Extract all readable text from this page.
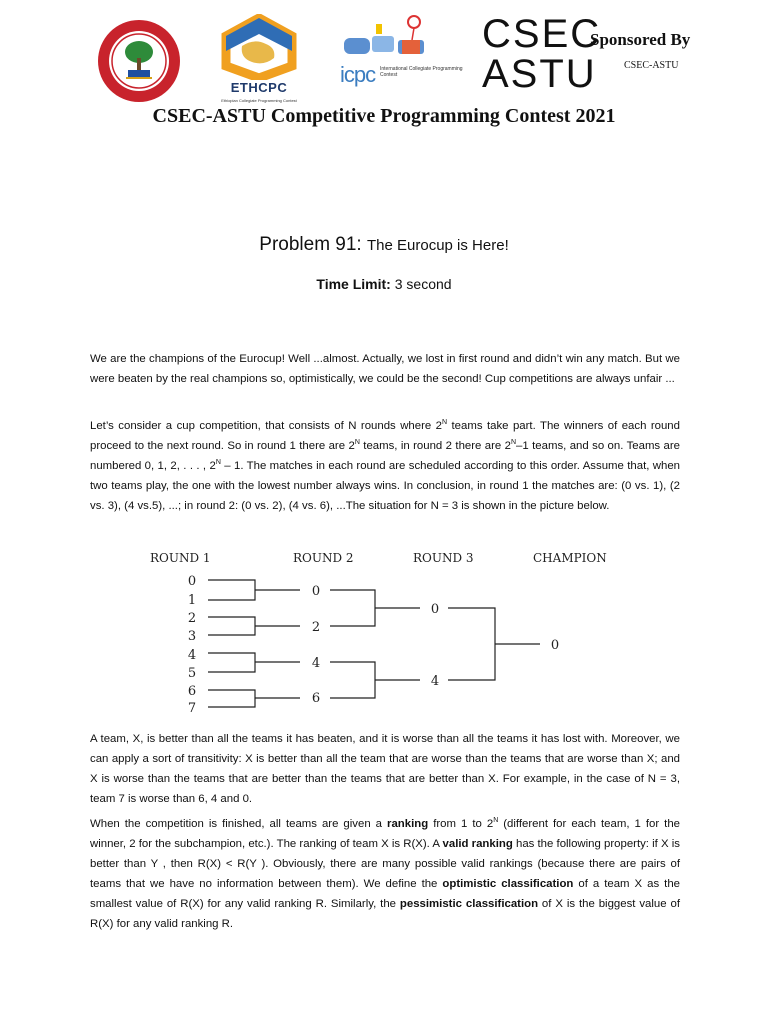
ETHCPC
Ethiopian Collegiate Programming Contest
icpc International Collegiate Programming Contest
CSEC
ASTU
Sponsored By
CSEC-ASTU
CSEC-ASTU Competitive Programming Contest 2021
Problem 91: The Eurocup is Here!
Time Limit: 3 second
We are the champions of the Eurocup! Well ...almost. Actually, we lost in first round and didn’t win any match. But we were beaten by the real champions so, optimistically, we could be the second! Cup competitions are always unfair ...
Let’s consider a cup competition, that consists of N rounds where $2^N$ teams take part. The winners of each round proceed to the next round. So in round 1 there are $2^N$ teams, in round 2 there are $2^N-1$ teams, and so on. Teams are numbered 0, 1, 2, . . . , $2^N - 1$. The matches in each round are scheduled according to this order. Assume that, when two teams play, the one with the lowest number always wins. In conclusion, in round 1 the matches are: (0 vs. 1), (2 vs. 3), (4 vs.5), ...; in round 2: (0 vs. 2), (4 vs. 6), ...The situation for N = 3 is shown in the picture below.
ROUND 1	ROUND 2	ROUND 3	CHAMPION
0
1
2
3
4
5
6
7
0
2
4
6
0
4
0
A team, X, is better than all the teams it has beaten, and it is worse than all the teams it has lost with. Moreover, we can apply a sort of transitivity: X is better than all the team that are worse than the teams that are worse than X; and X is worse than the teams that are better than the teams that are better than X. For example, in the case of N = 3, team 7 is worse than 6, 4 and 0.
When the competition is finished, all teams are given a ranking from 1 to $2^N$ (different for each team, 1 for the winner, 2 for the subchampion, etc.). The ranking of team X is R(X). A valid ranking has the following property: if X is better than Y , then R(X) < R(Y ). Obviously, there are many possible valid rankings (because there are pairs of teams that we have no information between them). We define the optimistic classification of a team X as the smallest value of R(X) for any valid ranking R. Similarly, the pessimistic classification of X is the biggest value of R(X) for any valid ranking R.
